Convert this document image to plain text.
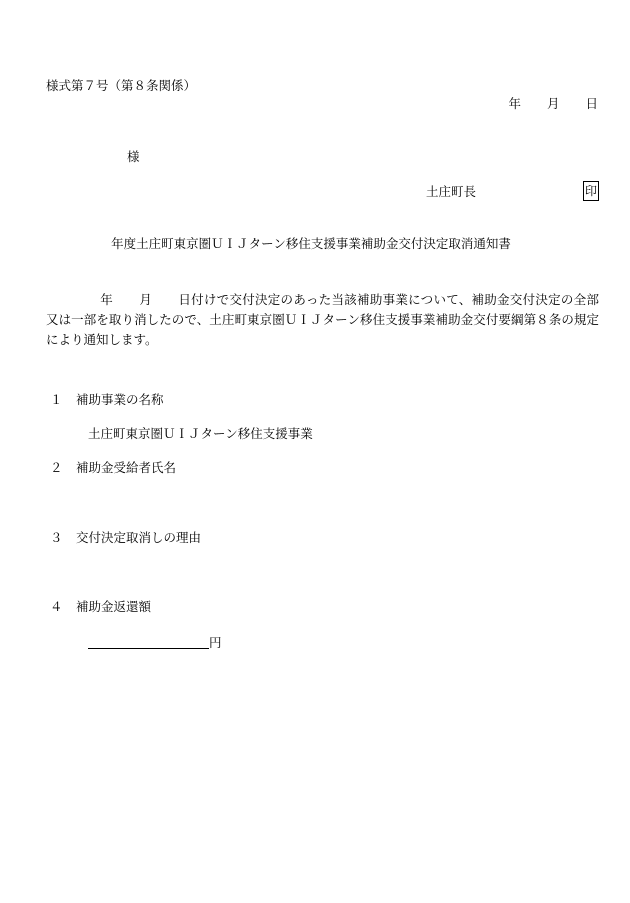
様式第７号（第８条関係）
年 月 日
様
土庄町長	印
年度土庄町東京圏ＵＩＪターン移住支援事業補助金交付決定取消通知書
年 月 日付けで交付決定のあった当該補助事業について、補助金交付決定の全部又は一部を取り消したので、土庄町東京圏ＵＩＪターン移住支援事業補助金交付要綱第８条の規定により通知します。
１ 補助事業の名称
土庄町東京圏ＵＩＪターン移住支援事業
２ 補助金受給者氏名
３ 交付決定取消しの理由
４ 補助金返還額
円
